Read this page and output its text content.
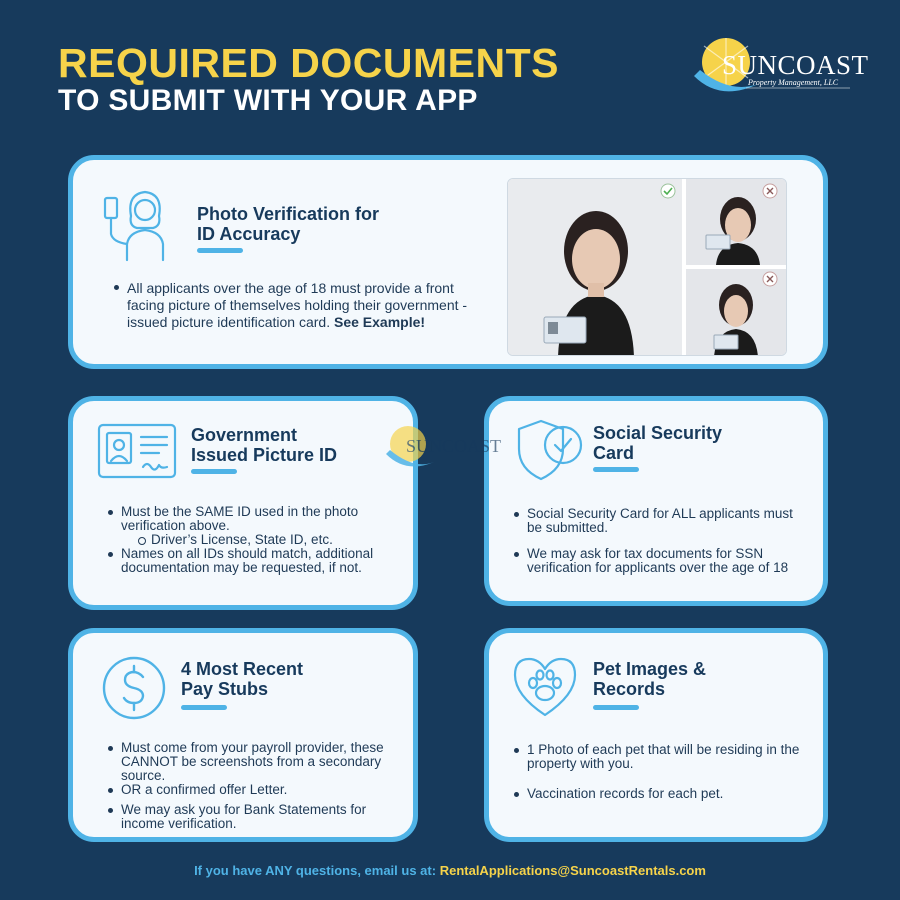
REQUIRED DOCUMENTS
TO SUBMIT WITH YOUR APP
SUNCOAST
Property Management, LLC
Photo Verification for
ID Accuracy
All applicants over the age of 18 must provide a front facing picture of themselves holding their government -issued picture identification card. See Example!
Government
Issued Picture ID
Must be the SAME ID used in the photo verification above.
Driver’s License, State ID, etc.
Names on all IDs should match, additional documentation may be requested, if not.
Social Security
Card
Social Security Card for ALL applicants must be submitted.
We may ask for tax documents for SSN verification for applicants over the age of 18
SUNCOAST
4 Most Recent
Pay Stubs
Must come from your payroll provider, these CANNOT be screenshots from a secondary source.
OR a confirmed offer Letter.
We may ask you for Bank Statements for income verification.
Pet Images &
Records
1 Photo of each pet that will be residing in the property with you.
Vaccination records for each pet.
If you have ANY questions, email us at: RentalApplications@SuncoastRentals.com
